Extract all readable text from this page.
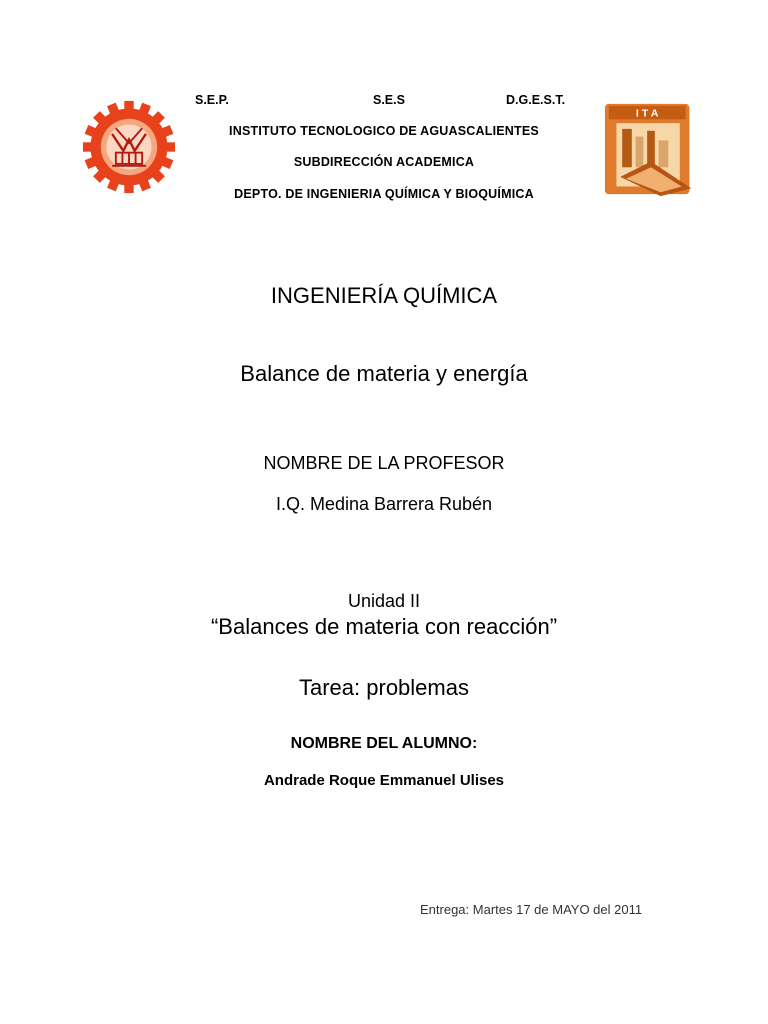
I T A
S.E.P.	S.E.S	D.G.E.S.T.
INSTITUTO TECNOLOGICO DE AGUASCALIENTES
SUBDIRECCIÓN ACADEMICA
DEPTO. DE INGENIERIA QUÍMICA Y BIOQUÍMICA
INGENIERÍA QUÍMICA
Balance de materia y energía
NOMBRE DE LA PROFESOR
I.Q. Medina Barrera Rubén
Unidad II
“Balances de materia con reacción”
Tarea: problemas
NOMBRE DEL ALUMNO:
Andrade Roque Emmanuel Ulises
Entrega: Martes 17 de MAYO del 2011
